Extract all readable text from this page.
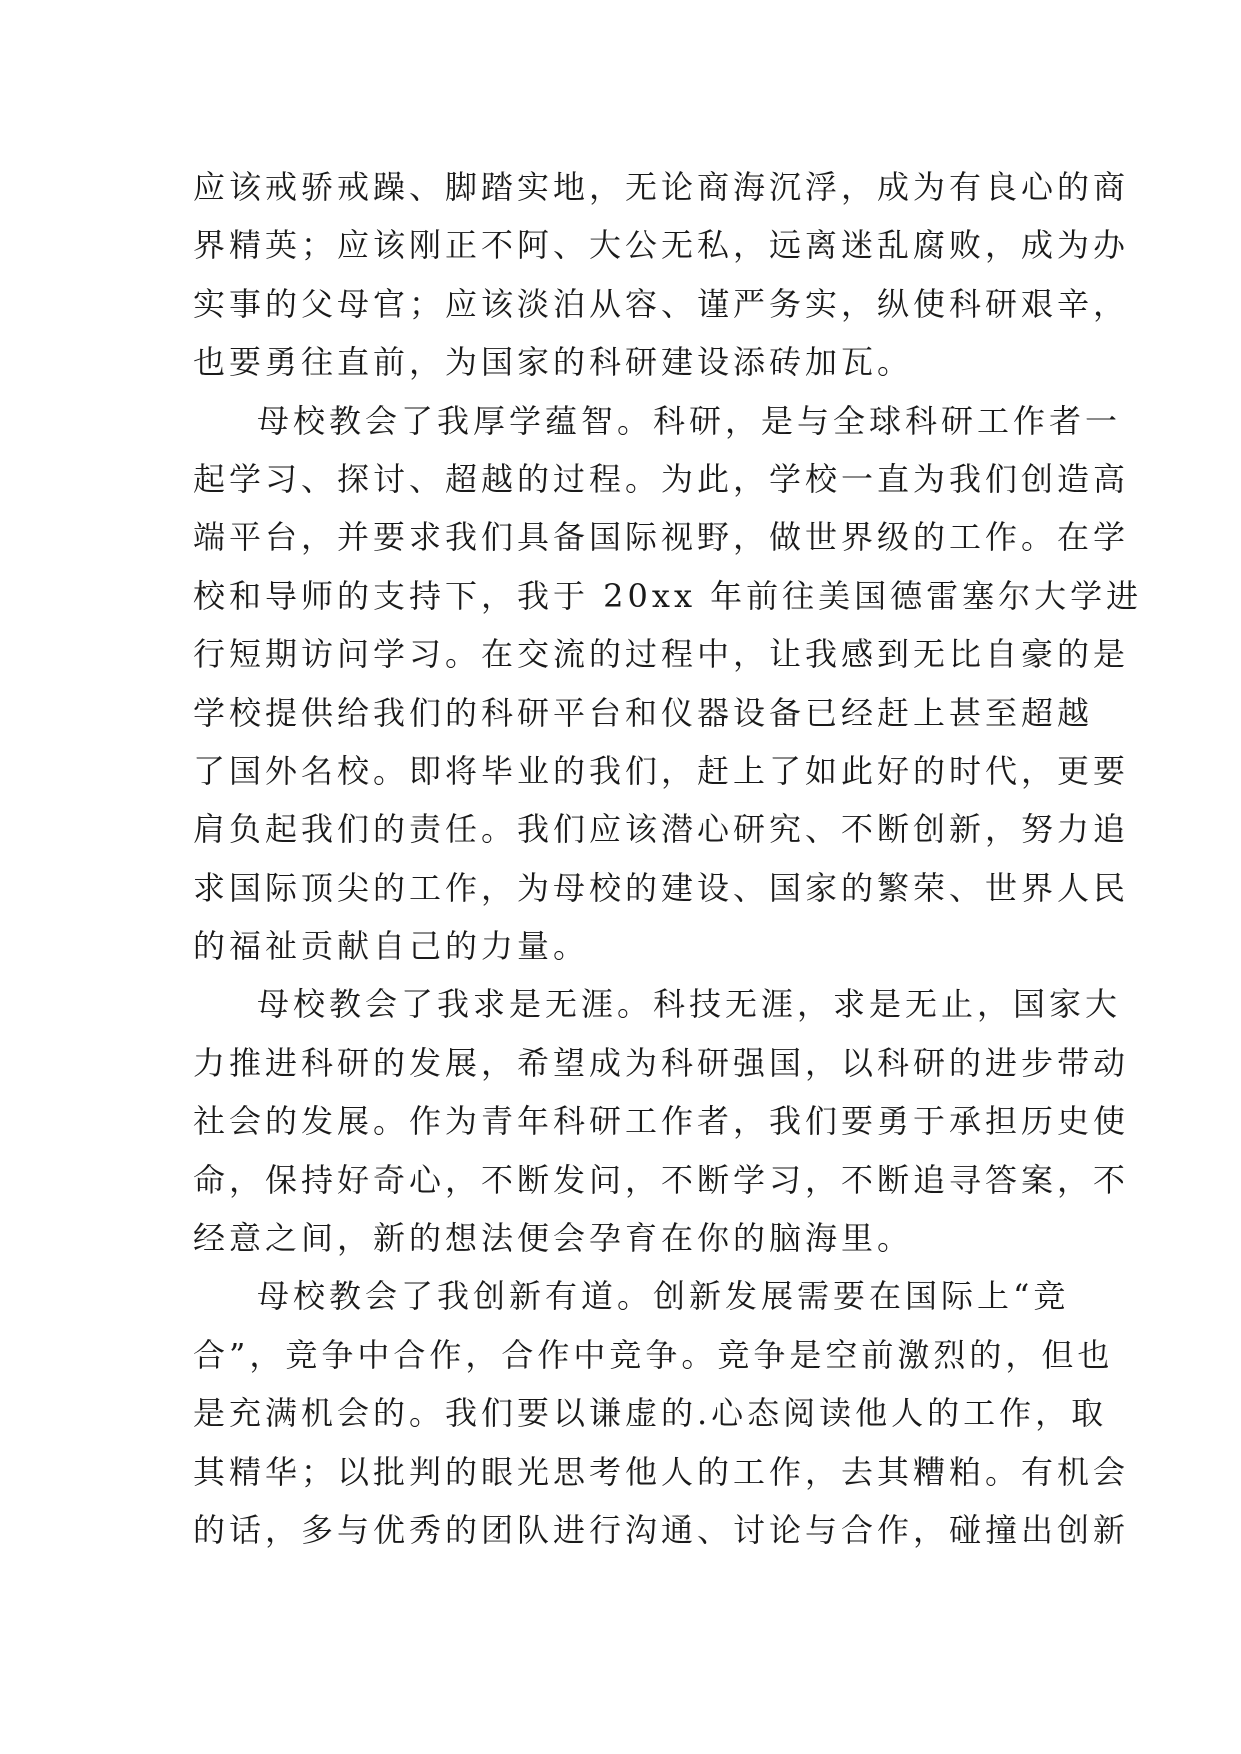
应该戒骄戒躁、脚踏实地，无论商海沉浮，成为有良心的商
界精英；应该刚正不阿、大公无私，远离迷乱腐败，成为办
实事的父母官；应该淡泊从容、谨严务实，纵使科研艰辛，
也要勇往直前，为国家的科研建设添砖加瓦。
母校教会了我厚学蕴智。科研，是与全球科研工作者一
起学习、探讨、超越的过程。为此，学校一直为我们创造高
端平台，并要求我们具备国际视野，做世界级的工作。在学
校和导师的支持下，我于 20xx 年前往美国德雷塞尔大学进
行短期访问学习。在交流的过程中，让我感到无比自豪的是
学校提供给我们的科研平台和仪器设备已经赶上甚至超越
了国外名校。即将毕业的我们，赶上了如此好的时代，更要
肩负起我们的责任。我们应该潜心研究、不断创新，努力追
求国际顶尖的工作，为母校的建设、国家的繁荣、世界人民
的福祉贡献自己的力量。
母校教会了我求是无涯。科技无涯，求是无止，国家大
力推进科研的发展，希望成为科研强国，以科研的进步带动
社会的发展。作为青年科研工作者，我们要勇于承担历史使
命，保持好奇心，不断发问，不断学习，不断追寻答案，不
经意之间，新的想法便会孕育在你的脑海里。
母校教会了我创新有道。创新发展需要在国际上“竞
合”，竞争中合作，合作中竞争。竞争是空前激烈的，但也
是充满机会的。我们要以谦虚的.心态阅读他人的工作，取
其精华；以批判的眼光思考他人的工作，去其糟粕。有机会
的话，多与优秀的团队进行沟通、讨论与合作，碰撞出创新
